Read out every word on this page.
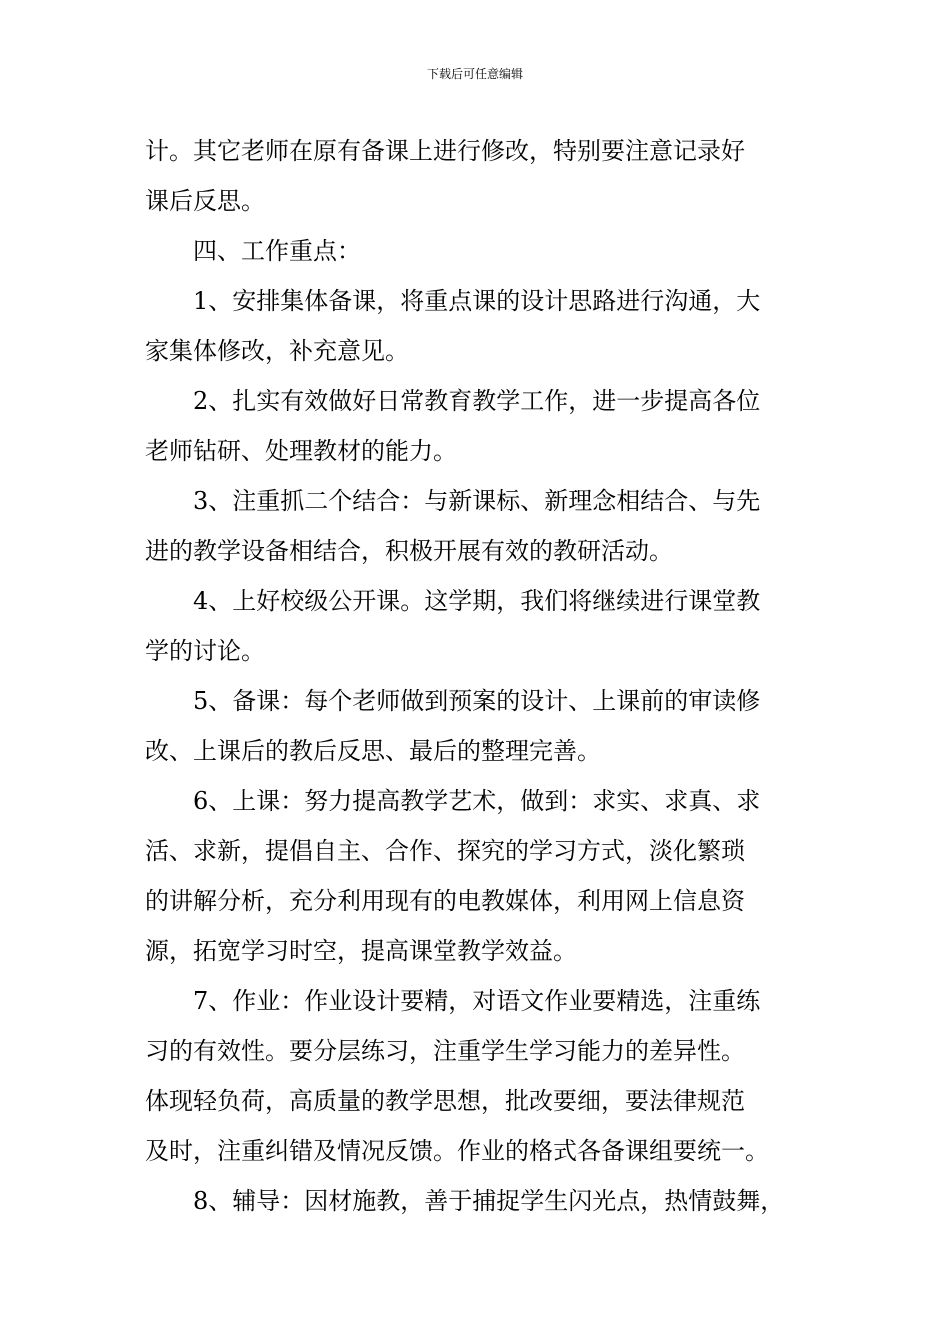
下载后可任意编辑
计。其它老师在原有备课上进行修改，特别要注意记录好
课后反思。
四、工作重点：
1、安排集体备课，将重点课的设计思路进行沟通，大
家集体修改，补充意见。
2、扎实有效做好日常教育教学工作，进一步提高各位
老师钻研、处理教材的能力。
3、注重抓二个结合：与新课标、新理念相结合、与先
进的教学设备相结合，积极开展有效的教研活动。
4、上好校级公开课。这学期，我们将继续进行课堂教
学的讨论。
5、备课：每个老师做到预案的设计、上课前的审读修
改、上课后的教后反思、最后的整理完善。
6、上课：努力提高教学艺术，做到：求实、求真、求
活、求新，提倡自主、合作、探究的学习方式，淡化繁琐
的讲解分析，充分利用现有的电教媒体，利用网上信息资
源，拓宽学习时空，提高课堂教学效益。
7、作业：作业设计要精，对语文作业要精选，注重练
习的有效性。要分层练习，注重学生学习能力的差异性。
体现轻负荷，高质量的教学思想，批改要细，要法律规范
及时，注重纠错及情况反馈。作业的格式各备课组要统一。
8、辅导：因材施教，善于捕捉学生闪光点，热情鼓舞，
